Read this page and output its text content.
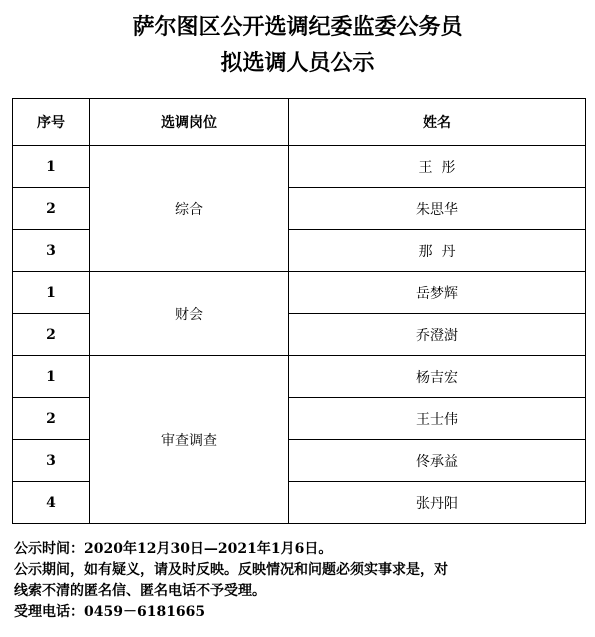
萨尔图区公开选调纪委监委公务员
拟选调人员公示
序号	选调岗位	姓名
1	综合	王  彤
2		朱思华
3		那  丹
1	财会	岳梦辉
2		乔澄澍
1	审查调查	杨吉宏
2		王士伟
3		佟承益
4		张丹阳
公示时间：2020年12月30日—2021年1月6日。
公示期间，如有疑义，请及时反映。反映情况和问题必须实事求是，对
线索不清的匿名信、匿名电话不予受理。
受理电话：0459－6181665
